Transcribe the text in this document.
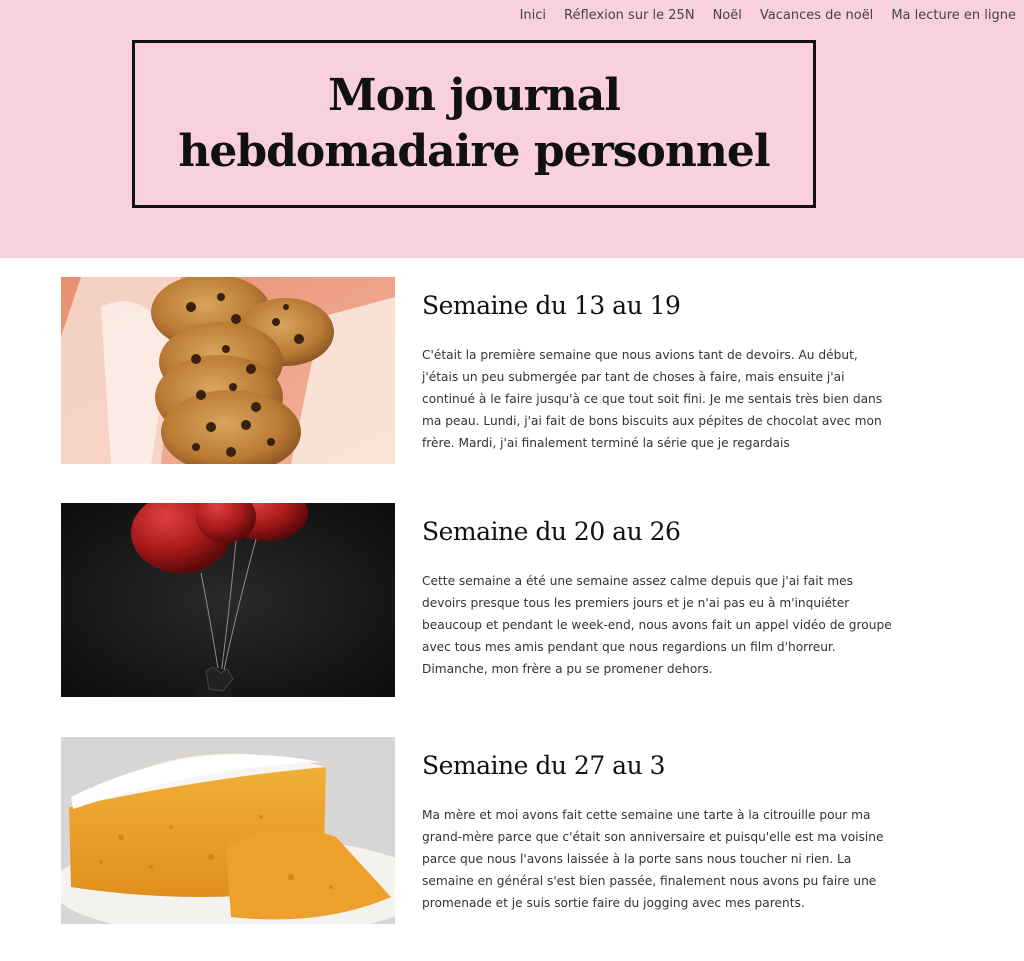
Inici Réflexion sur le 25N Noël Vacances de noël Ma lecture en ligne
Mon journal
hebdomadaire personnel
Semaine du 13 au 19

C'était la première semaine que nous avions tant de devoirs. Au début, j'étais un peu submergée par tant de choses à faire, mais ensuite j'ai continué à le faire jusqu'à ce que tout soit fini. Je me sentais très bien dans ma peau. Lundi, j'ai fait de bons biscuits aux pépites de chocolat avec mon frère. Mardi, j'ai finalement terminé la série que je regardais

Semaine du 20 au 26

Cette semaine a été une semaine assez calme depuis que j'ai fait mes devoirs presque tous les premiers jours et je n'ai pas eu à m'inquiéter beaucoup et pendant le week-end, nous avons fait un appel vidéo de groupe avec tous mes amis pendant que nous regardions un film d'horreur. Dimanche, mon frère a pu se promener dehors.

Semaine du 27 au 3

Ma mère et moi avons fait cette semaine une tarte à la citrouille pour ma grand-mère parce que c'était son anniversaire et puisqu'elle est ma voisine parce que nous l'avons laissée à la porte sans nous toucher ni rien. La semaine en général s'est bien passée, finalement nous avons pu faire une promenade et je suis sortie faire du jogging avec mes parents.
